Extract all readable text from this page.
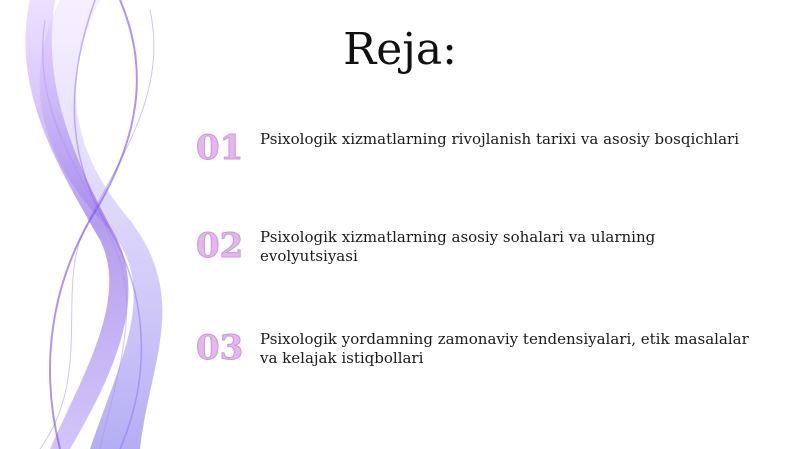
Reja:
01	Psixologik xizmatlarning rivojlanish tarixi va asosiy bosqichlari
02	Psixologik xizmatlarning asosiy sohalari va ularning evolyutsiyasi
03	Psixologik yordamning zamonaviy tendensiyalari, etik masalalar va kelajak istiqbollari
